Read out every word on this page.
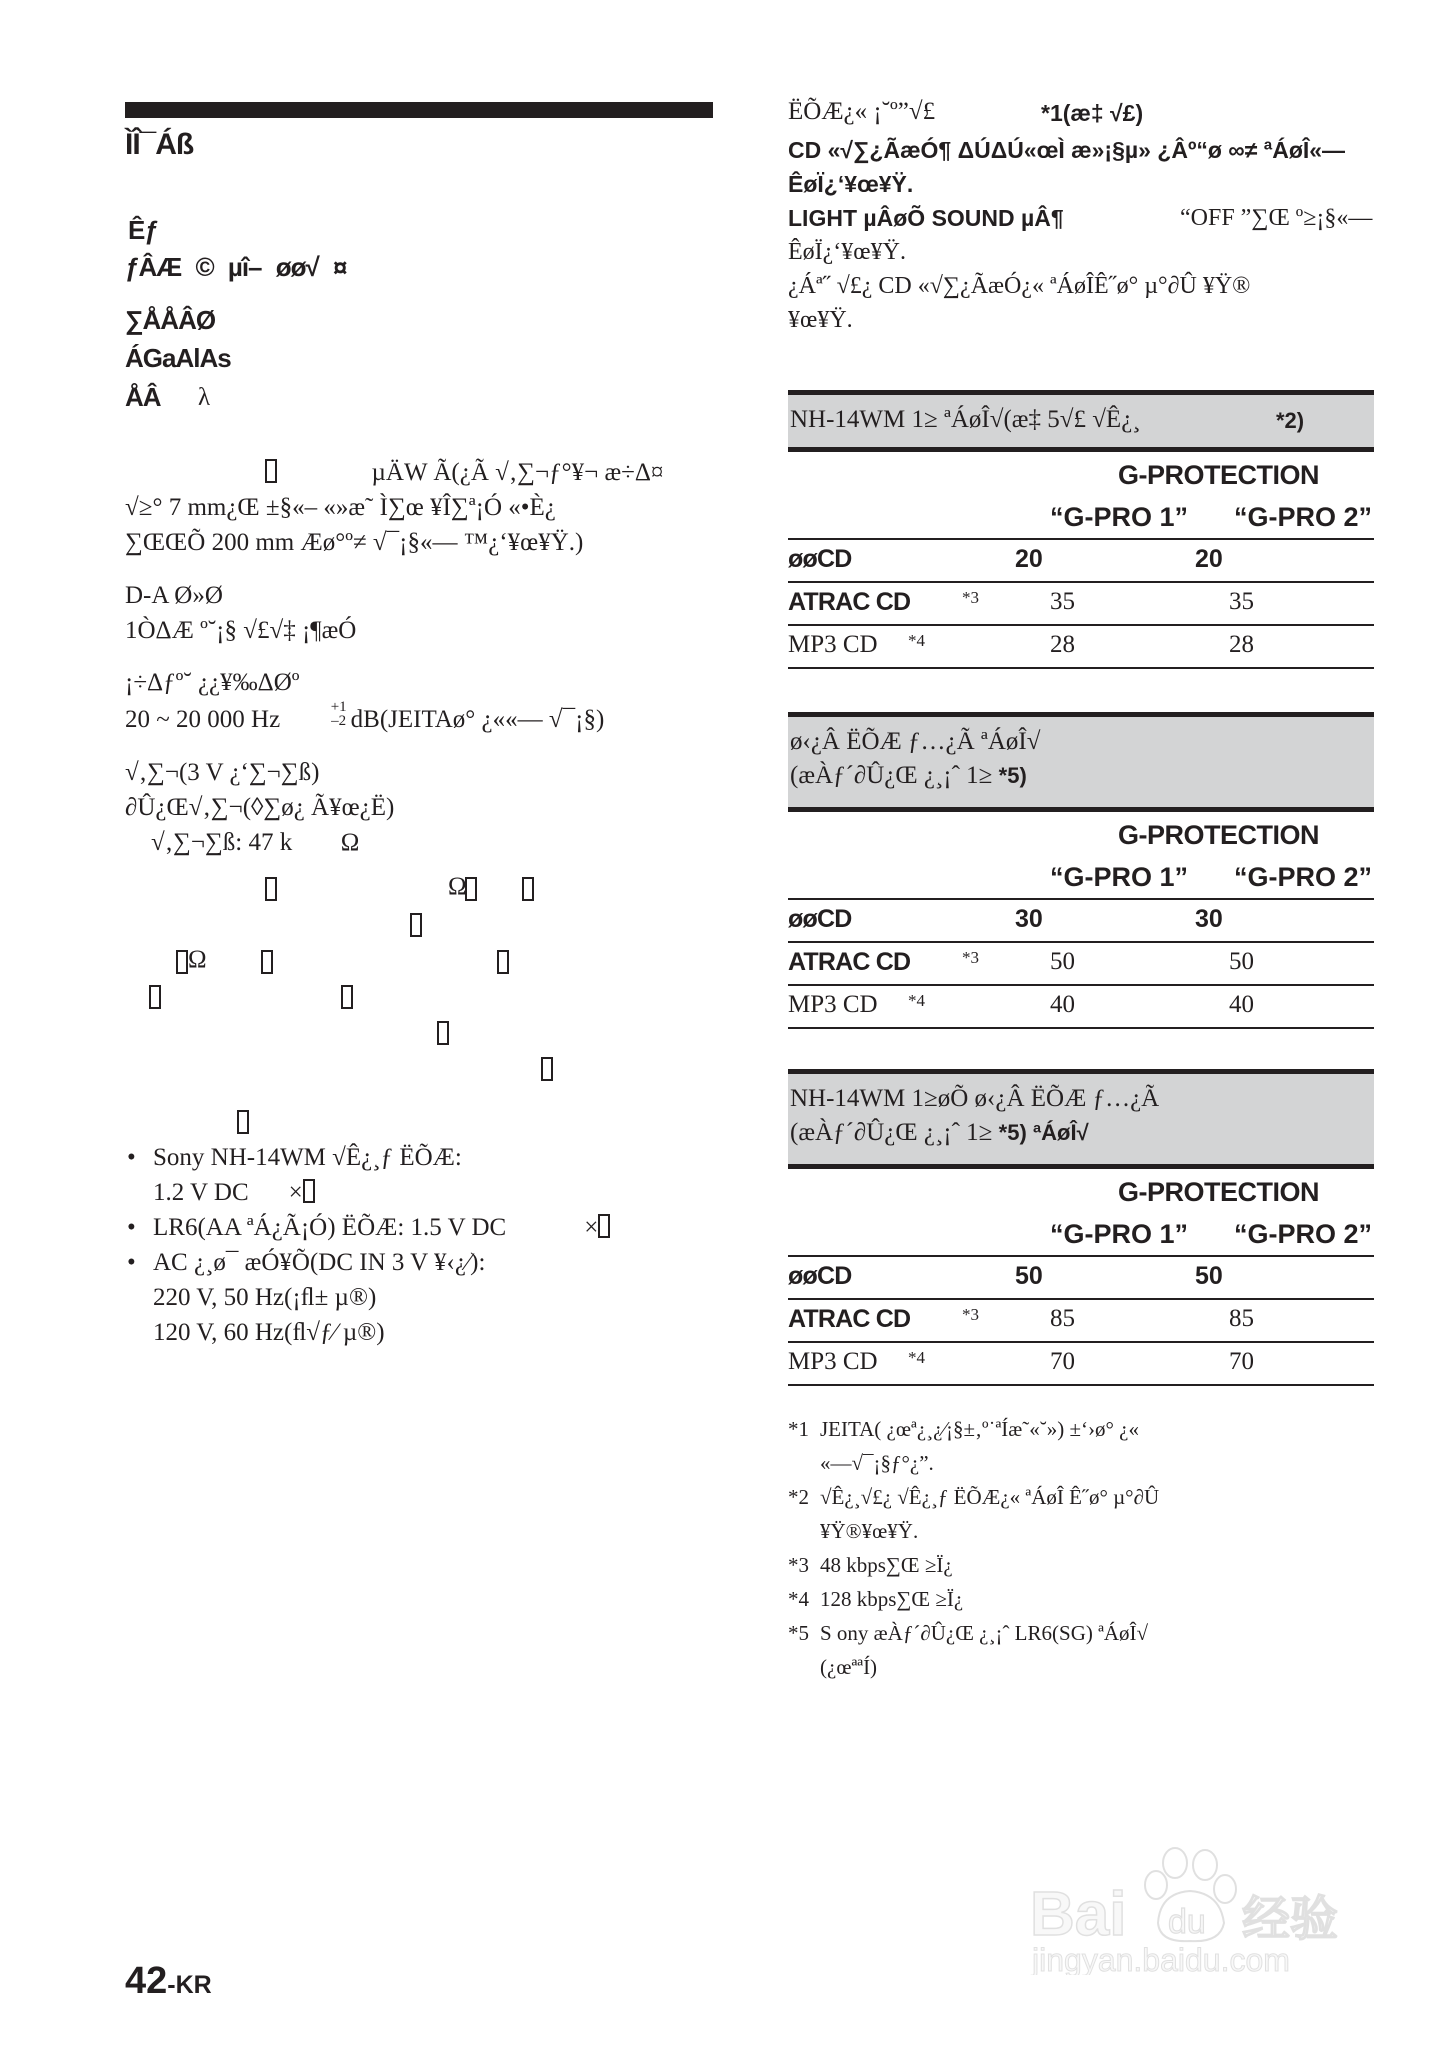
ÌÎ¯Áß
Êƒ
ƒÂÆ © µî– øø√ ¤
∑ÅÅÂØ
ÁGaAlAs
ÅÂ λ
µÄW Ã(¿Ã √‚∑¬ƒ°¥¬ æ÷Δ¤
√≥° 7 mm¿Œ ±§«– «»æ˜ Ì∑œ ¥Î∑ª¡Ó «•È¿
∑ŒŒÕ 200 mm Æø°º≠ √¯¡§«— ™¿‘¥œ¥Ÿ.)
D-A Ø»Ø
1ÒΔÆ º˘¡§ √£√‡ ¡¶æÓ
¡÷Δƒº˘ ¿¿¥‰ΔØº
20 ~ 20 000 Hz	+1
–2 dB(JEITAø° ¿««— √¯¡§)
√‚∑¬(3 V ¿‘∑¬∑ß)
∂Û¿Œ√‚∑¬(◊∑ø¿ Ã¥œ¿Ë)
√‚∑¬∑ß: 47 k Ω
Ω
Ω
• Sony NH-14WM √Ê¿¸ƒ ËÕÆ:
1.2 V DC ×
• LR6(AA ªÁ¿Ã¡Ó) ËÕÆ: 1.5 V DC	×
• AC ¿¸ø¯ æÓ¥Õ(DC IN 3 V ¥‹¿⁄):
220 V, 50 Hz(¡ﬂ± µ®)
120 V, 60 Hz(ﬂ√ƒ⁄ µ®)
ËÕÆ¿« ¡˘º”√£	*1(æ‡ √£)
CD «√∑¿ÃæÓ¶ ΔÚΔÚ«œÌ æ»¡§µ» ¿Âº“ø ∞≠ ªÁøÎ«—
ÊøÏ¿‘¥œ¥Ÿ.
LIGHT µÂøÕ SOUND µÂ¶	“OFF ”∑Œ º≥¡§«—
ÊøÏ¿‘¥œ¥Ÿ.
¿Áª˝ √£¿ CD «√∑¿ÃæÓ¿« ªÁøÎÊ˝ø° µ°∂Û ¥Ÿ®
¥œ¥Ÿ.
NH-14WM 1≥ ªÁøÎ√(æ‡ 5√£ √Ê¿¸	*2)
G-PROTECTION
“G-PRO 1” “G-PRO 2”
øøCD	20	20
ATRAC CD	*3	35	35
MP3 CD *4	28	28
ø‹¿Â ËÕÆ ƒ…¿Ã ªÁøÎ√
(æÀƒ´∂Û¿Œ ¿¸¡ˆ 1≥ *5)
G-PROTECTION
“G-PRO 1” “G-PRO 2”
øøCD	30	30
ATRAC CD	*3	50	50
MP3 CD *4	40	40
NH-14WM 1≥øÕ ø‹¿Â ËÕÆ ƒ…¿Ã
(æÀƒ´∂Û¿Œ ¿¸¡ˆ 1≥ *5) ªÁøÎ√
G-PROTECTION
“G-PRO 1” “G-PRO 2”
øøCD	50	50
ATRAC CD	*3	85	85
MP3 CD *4	70	70
*1 JEITA( ¿œª¿¸¿⁄¡§±‚º˙ªÍæ˜«˘») ±‘›ø° ¿«
«—√¯¡§ƒ°¿”.
*2 √Ê¿¸√£¿ √Ê¿¸ƒ ËÕÆ¿« ªÁøÎ Ê˝ø° µ°∂Û
¥Ÿ®¥œ¥Ÿ.
*3 48 kbps∑Œ ≥Ï¿
*4 128 kbps∑Œ ≥Ï¿
*5 S ony æÀƒ´∂Û¿Œ ¿¸¡ˆ LR6(SG) ªÁøÎ√
(¿œªªÍ)
42-KR
Bai du 经验
jingyan.baidu.com
